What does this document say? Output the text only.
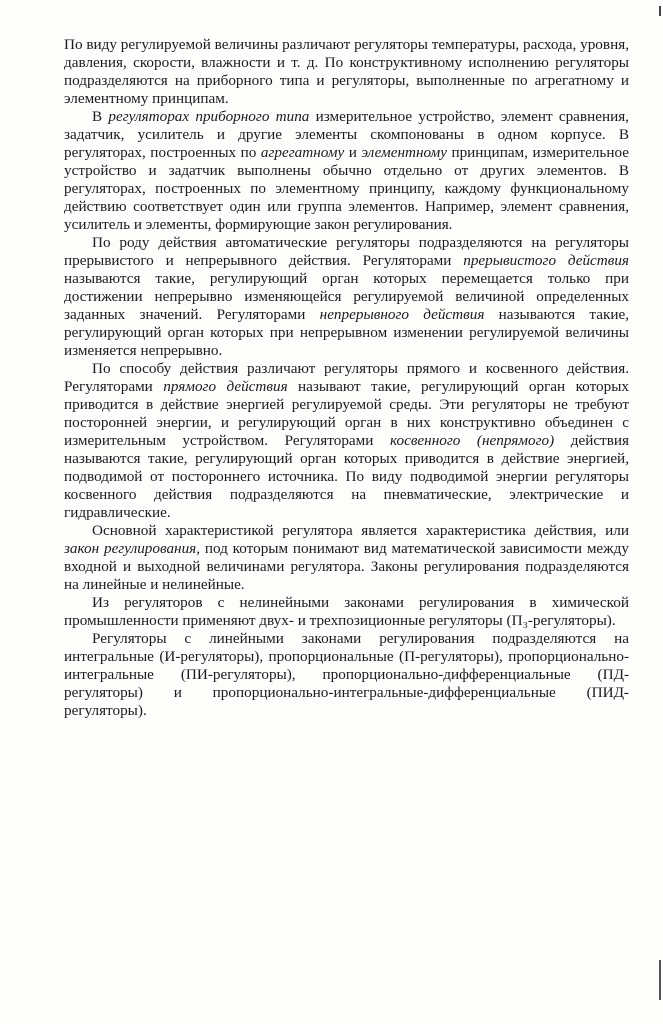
По виду регулируемой величины различают регуляторы температуры, расхода, уровня, давления, скорости, влажности и т. д. По конструктивному исполнению регуляторы подразделяются на приборного типа и регуляторы, выполненные по агрегатному и элементному принципам.

В регуляторах приборного типа измерительное устройство, элемент сравнения, задатчик, усилитель и другие элементы скомпонованы в одном корпусе. В регуляторах, построенных по агрегатному и элементному принципам, измерительное устройство и задатчик выполнены обычно отдельно от других элементов. В регуляторах, построенных по элементному принципу, каждому функциональному действию соответствует один или группа элементов. Например, элемент сравнения, усилитель и элементы, формирующие закон регулирования.

По роду действия автоматические регуляторы подразделяются на регуляторы прерывистого и непрерывного действия. Регуляторами прерывистого действия называются такие, регулирующий орган которых перемещается только при достижении непрерывно изменяющейся регулируемой величиной определенных заданных значений. Регуляторами непрерывного действия называются такие, регулирующий орган которых при непрерывном изменении регулируемой величины изменяется непрерывно.

По способу действия различают регуляторы прямого и косвенного действия. Регуляторами прямого действия называют такие, регулирующий орган которых приводится в действие энергией регулируемой среды. Эти регуляторы не требуют посторонней энергии, и регулирующий орган в них конструктивно объединен с измерительным устройством. Регуляторами косвенного (непрямого) действия называются такие, регулирующий орган которых приводится в действие энергией, подводимой от постороннего источника. По виду подводимой энергии регуляторы косвенного действия подразделяются на пневматические, электрические и гидравлические.

Основной характеристикой регулятора является характеристика действия, или закон регулирования, под которым понимают вид математической зависимости между входной и выходной величинами регулятора. Законы регулирования подразделяются на линейные и нелинейные.

Из регуляторов с нелинейными законами регулирования в химической промышленности применяют двух- и трехпозиционные регуляторы (П₃-регуляторы).

Регуляторы с линейными законами регулирования подразделяются на интегральные (И-регуляторы), пропорциональные (П-регуляторы), пропорционально-интегральные (ПИ-регуляторы), пропорционально-дифференциальные (ПД-регуляторы) и пропорционально-интегральные-дифференциальные (ПИД-регуляторы).
